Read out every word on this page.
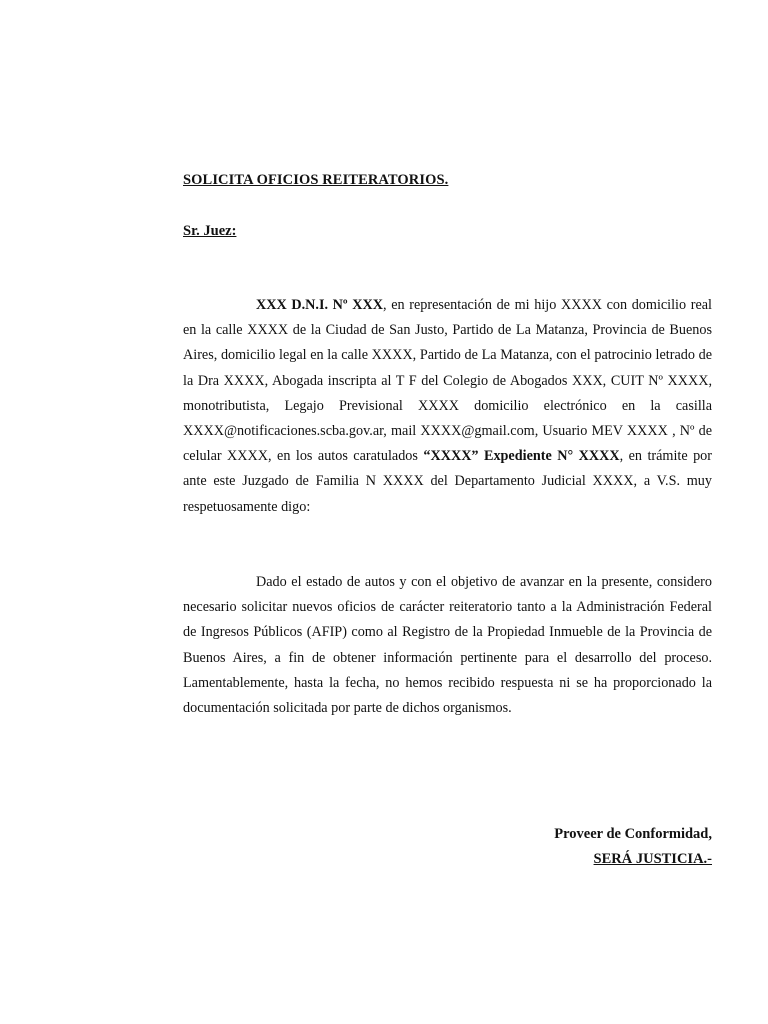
SOLICITA OFICIOS REITERATORIOS.
Sr. Juez:

XXX D.N.I. Nº XXX, en representación de mi hijo XXXX con domicilio real en la calle XXXX de la Ciudad de San Justo, Partido de La Matanza, Provincia de Buenos Aires, domicilio legal en la calle XXXX, Partido de La Matanza, con el patrocinio letrado de la Dra XXXX, Abogada inscripta al T F del Colegio de Abogados XXX, CUIT Nº XXXX, monotributista, Legajo Previsional XXXX domicilio electrónico en la casilla XXXX@notificaciones.scba.gov.ar, mail XXXX@gmail.com, Usuario MEV XXXX , Nº de celular XXXX, en los autos caratulados “XXXX” Expediente N° XXXX, en trámite por ante este Juzgado de Familia N XXXX del Departamento Judicial XXXX, a V.S. muy respetuosamente digo:

Dado el estado de autos y con el objetivo de avanzar en la presente, considero necesario solicitar nuevos oficios de carácter reiteratorio tanto a la Administración Federal de Ingresos Públicos (AFIP) como al Registro de la Propiedad Inmueble de la Provincia de Buenos Aires, a fin de obtener información pertinente para el desarrollo del proceso. Lamentablemente, hasta la fecha, no hemos recibido respuesta ni se ha proporcionado la documentación solicitada por parte de dichos organismos.

Proveer de Conformidad,
SERÁ JUSTICIA.-
